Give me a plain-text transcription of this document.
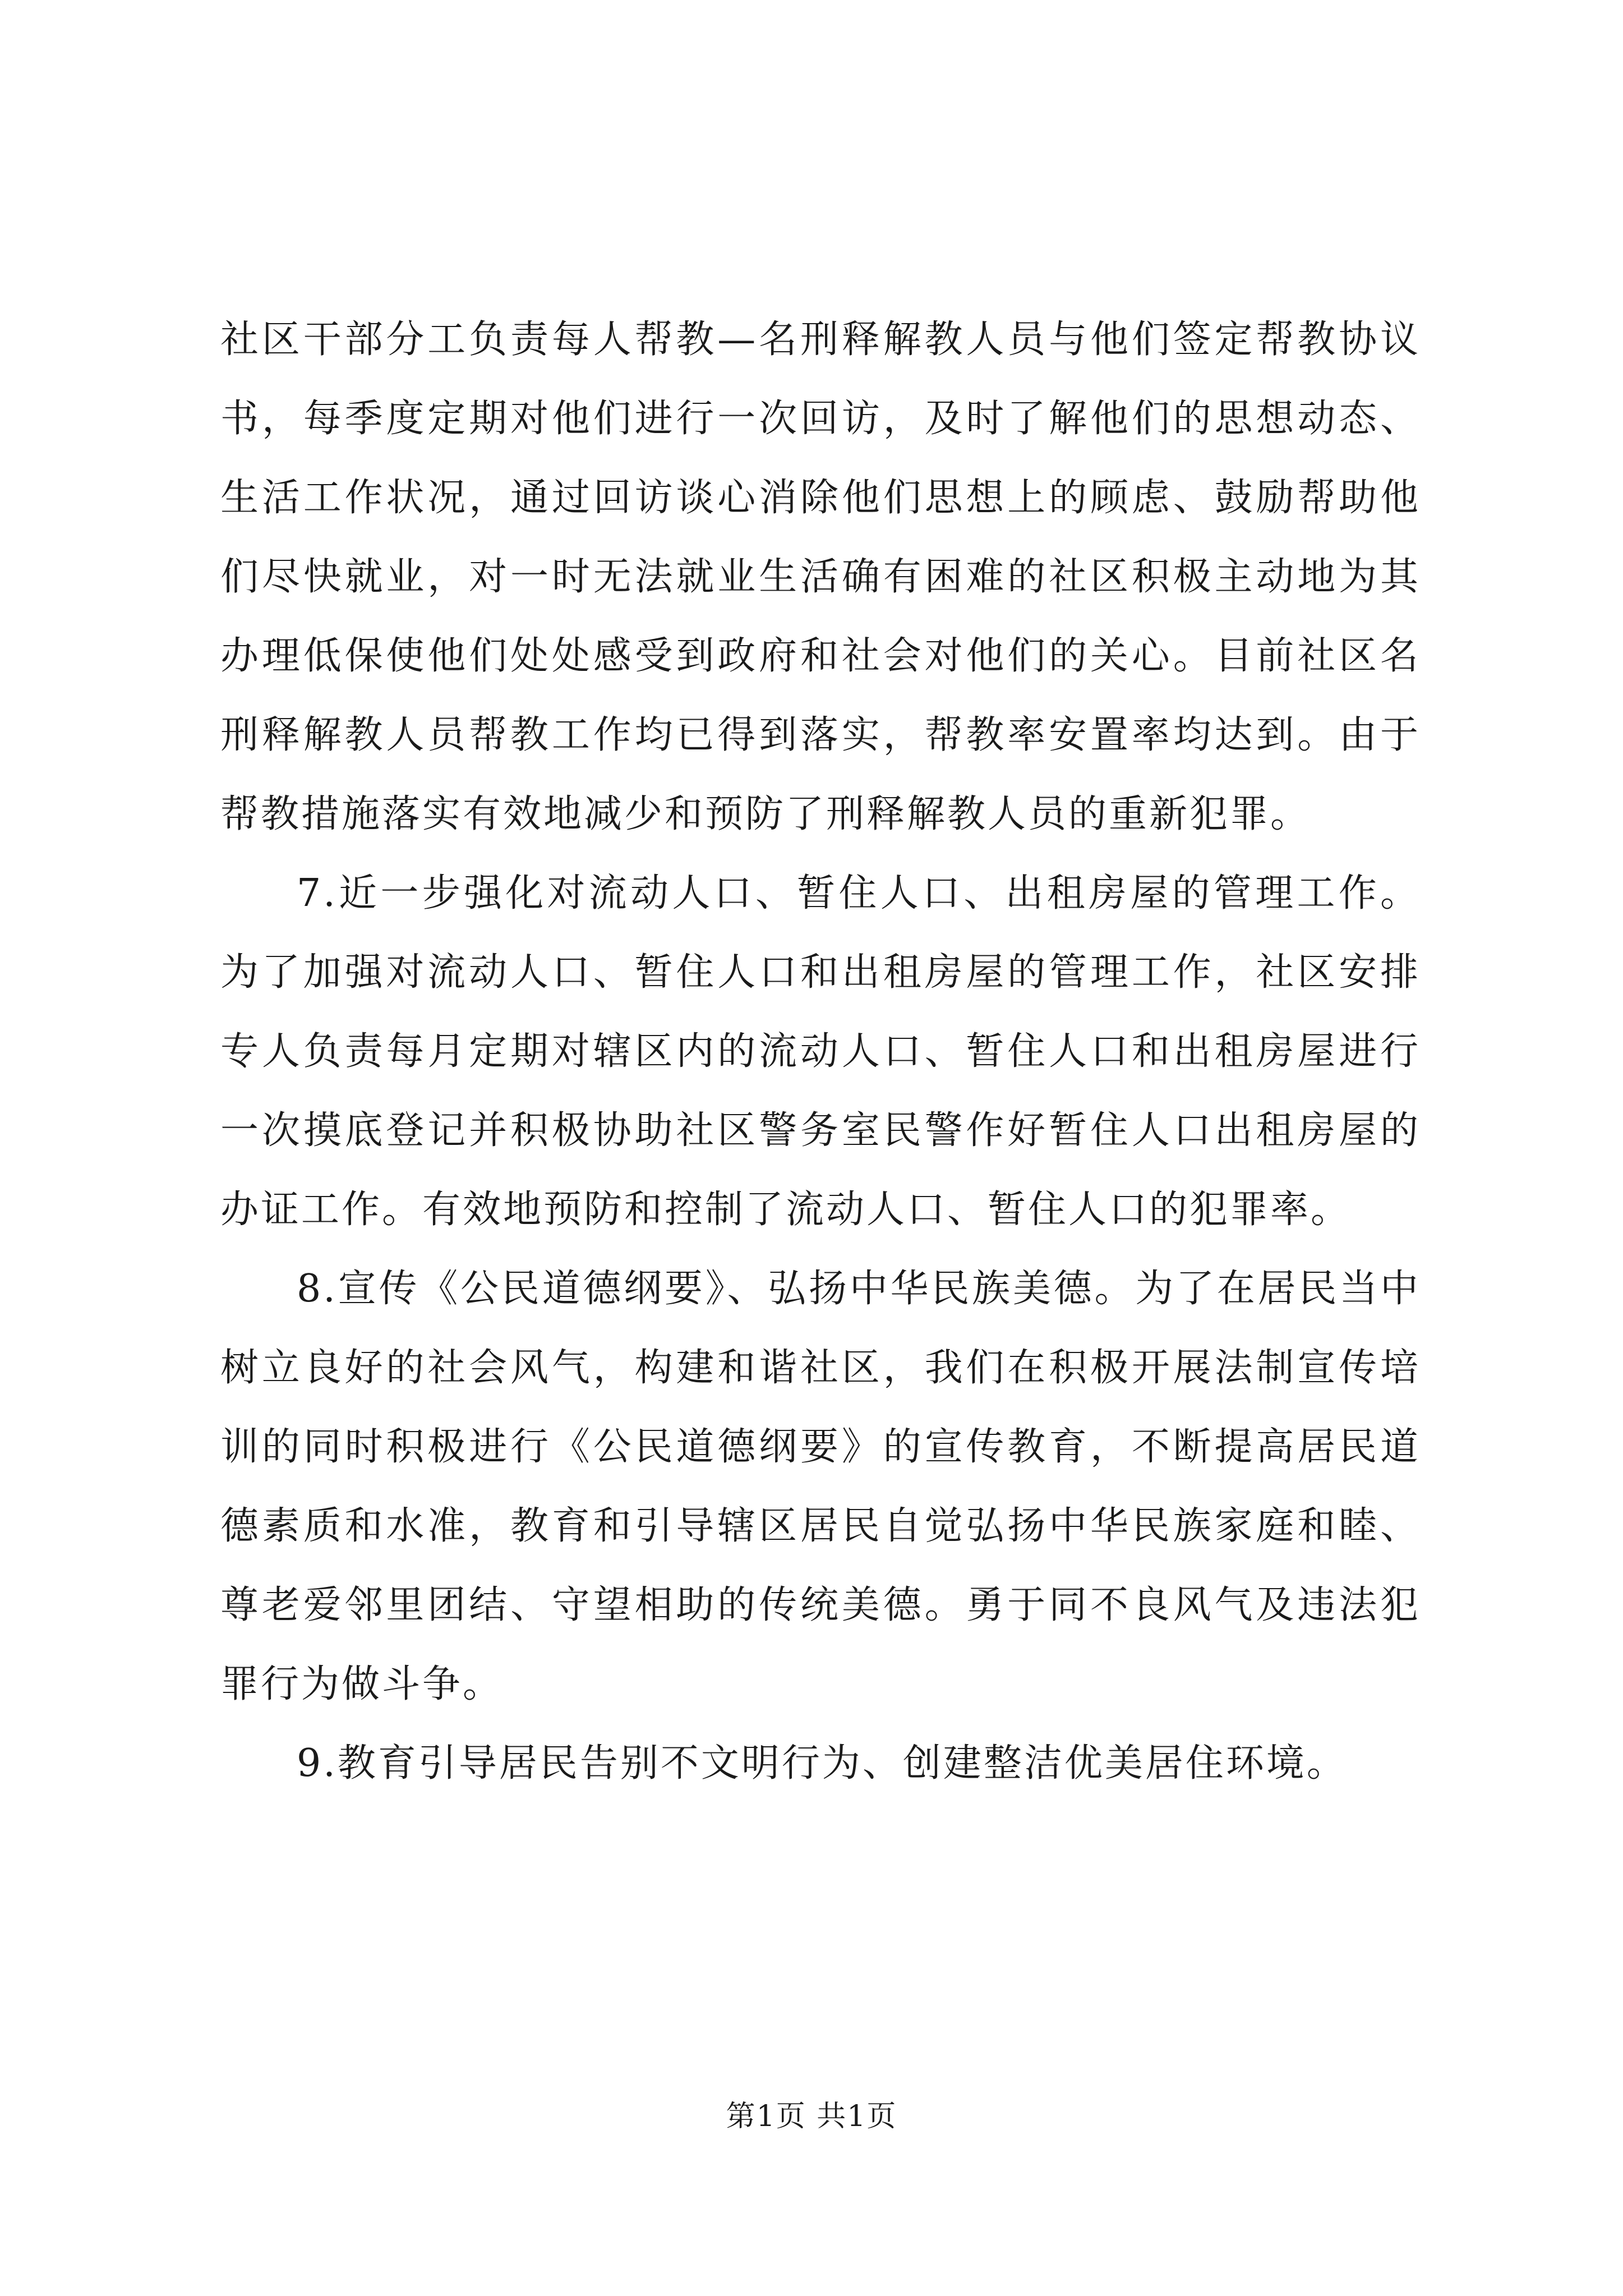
社区干部分工负责每人帮教—名刑释解教人员与他们签定帮教协议书，每季度定期对他们进行一次回访，及时了解他们的思想动态、生活工作状况，通过回访谈心消除他们思想上的顾虑、鼓励帮助他们尽快就业，对一时无法就业生活确有困难的社区积极主动地为其办理低保使他们处处感受到政府和社会对他们的关心。目前社区名刑释解教人员帮教工作均已得到落实，帮教率安置率均达到。由于帮教措施落实有效地减少和预防了刑释解教人员的重新犯罪。

7.近一步强化对流动人口、暂住人口、出租房屋的管理工作。为了加强对流动人口、暂住人口和出租房屋的管理工作，社区安排专人负责每月定期对辖区内的流动人口、暂住人口和出租房屋进行一次摸底登记并积极协助社区警务室民警作好暂住人口出租房屋的办证工作。有效地预防和控制了流动人口、暂住人口的犯罪率。

8.宣传《公民道德纲要》、弘扬中华民族美德。为了在居民当中树立良好的社会风气，构建和谐社区，我们在积极开展法制宣传培训的同时积极进行《公民道德纲要》的宣传教育，不断提高居民道德素质和水准，教育和引导辖区居民自觉弘扬中华民族家庭和睦、尊老爱邻里团结、守望相助的传统美德。勇于同不良风气及违法犯罪行为做斗争。

9.教育引导居民告别不文明行为、创建整洁优美居住环境。

第1页 共1页
